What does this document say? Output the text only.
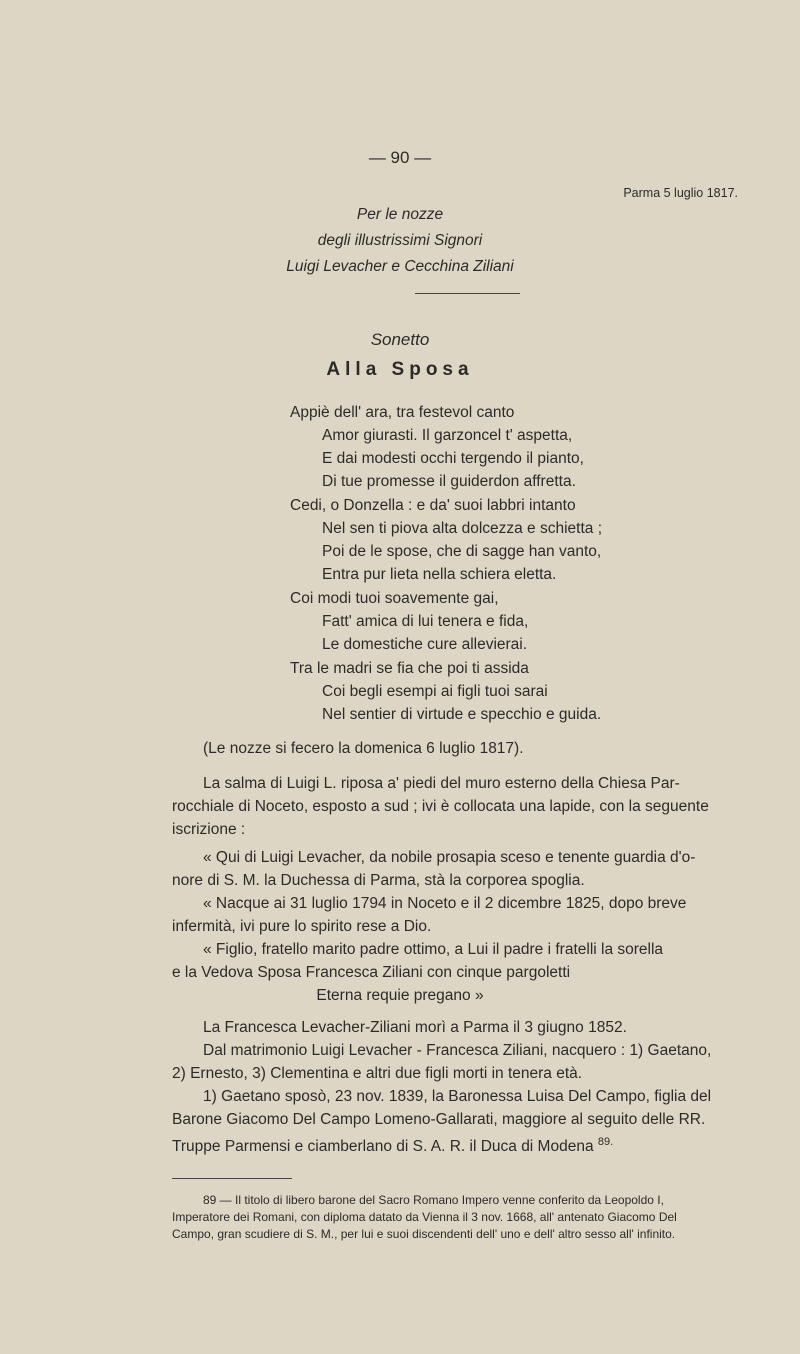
— 90 —
Parma 5 luglio 1817.
Per le nozze
degli illustrissimi Signori
Luigi Levacher e Cecchina Ziliani
Sonetto
Alla Sposa
Appiè dell' ara, tra festevol canto
Amor giurasti. Il garzoncel t' aspetta,
E dai modesti occhi tergendo il pianto,
Di tue promesse il guiderdon affretta.
Cedi, o Donzella : e da' suoi labbri intanto
Nel sen ti piova alta dolcezza e schietta ;
Poi de le spose, che di sagge han vanto,
Entra pur lieta nella schiera eletta.
Coi modi tuoi soavemente gai,
Fatt' amica di lui tenera e fida,
Le domestiche cure allevierai.
Tra le madri se fia che poi ti assida
Coi begli esempi ai figli tuoi sarai
Nel sentier di virtude e specchio e guida.
(Le nozze si fecero la domenica 6 luglio 1817).
La salma di Luigi L. riposa a' piedi del muro esterno della Chiesa Par-
rocchiale di Noceto, esposto a sud ; ivi è collocata una lapide, con la seguente
iscrizione :
« Qui di Luigi Levacher, da nobile prosapia sceso e tenente guardia d'o-
nore di S. M. la Duchessa di Parma, stà la corporea spoglia.
« Nacque ai 31 luglio 1794 in Noceto e il 2 dicembre 1825, dopo breve
infermità, ivi pure lo spirito rese a Dio.
« Figlio, fratello marito padre ottimo, a Lui il padre i fratelli la sorella
e la Vedova Sposa Francesca Ziliani con cinque pargoletti
Eterna requie pregano »
La Francesca Levacher-Ziliani morì a Parma il 3 giugno 1852.
Dal matrimonio Luigi Levacher - Francesca Ziliani, nacquero : 1) Gaetano,
2) Ernesto, 3) Clementina e altri due figli morti in tenera età.
1) Gaetano sposò, 23 nov. 1839, la Baronessa Luisa Del Campo, figlia del
Barone Giacomo Del Campo Lomeno-Gallarati, maggiore al seguito delle RR.
Truppe Parmensi e ciamberlano di S. A. R. il Duca di Modena $^{89.}$
89 — Il titolo di libero barone del Sacro Romano Impero venne conferito da Leopoldo I,
Imperatore dei Romani, con diploma datato da Vienna il 3 nov. 1668, all' antenato Giacomo Del
Campo, gran scudiere di S. M., per lui e suoi discendenti dell' uno e dell' altro sesso all' infinito.
